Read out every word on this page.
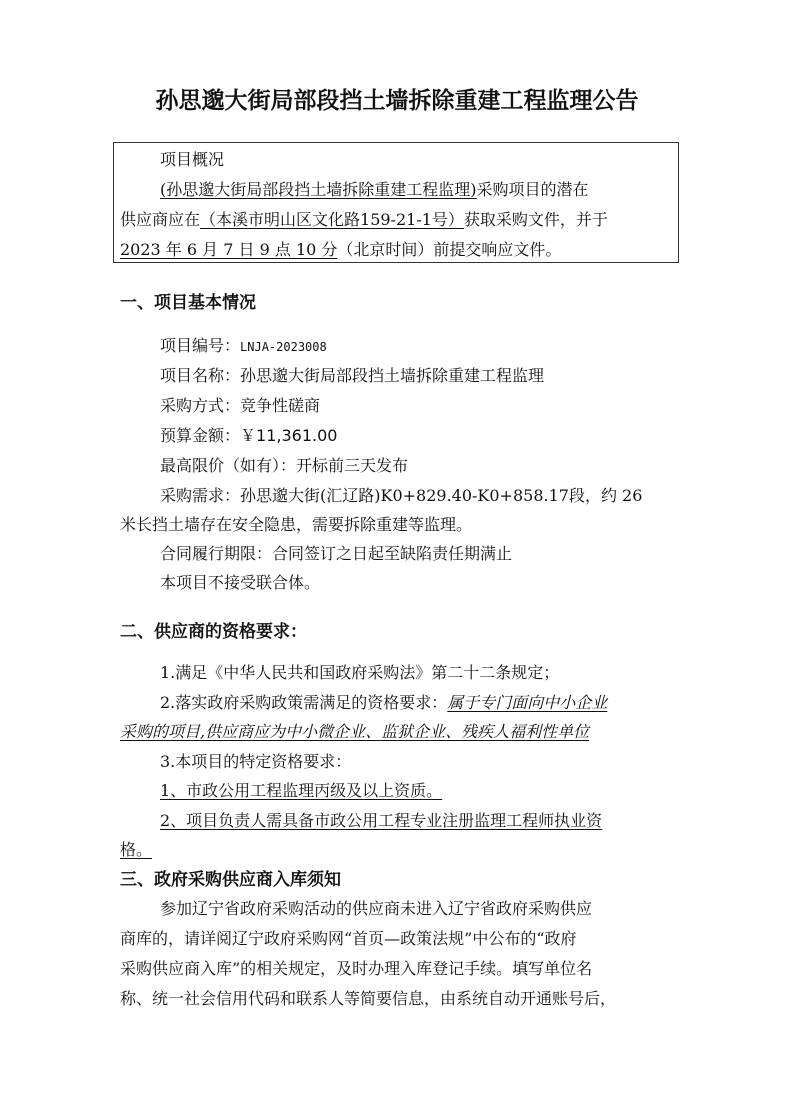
孙思邈大街局部段挡土墙拆除重建工程监理公告
项目概况
(孙思邈大街局部段挡土墙拆除重建工程监理)采购项目的潜在
供应商应在（本溪市明山区文化路159-21-1号）获取采购文件，并于
2023 年 6 月 7 日 9 点 10 分（北京时间）前提交响应文件。
一、项目基本情况
项目编号：LNJA-2023008
项目名称：孙思邈大街局部段挡土墙拆除重建工程监理
采购方式：竞争性磋商
预算金额：￥11,361.00
最高限价（如有）：开标前三天发布
采购需求：孙思邈大街(汇辽路)K0+829.40-K0+858.17段，约 26
米长挡土墙存在安全隐患，需要拆除重建等监理。
合同履行期限：合同签订之日起至缺陷责任期满止
本项目不接受联合体。
二、供应商的资格要求：
1.满足《中华人民共和国政府采购法》第二十二条规定；
2.落实政府采购政策需满足的资格要求：属于专门面向中小企业
采购的项目,供应商应为中小微企业、监狱企业、残疾人福利性单位
3.本项目的特定资格要求：
1、市政公用工程监理丙级及以上资质。
2、项目负责人需具备市政公用工程专业注册监理工程师执业资
格。
三、政府采购供应商入库须知
参加辽宁省政府采购活动的供应商未进入辽宁省政府采购供应
商库的，请详阅辽宁政府采购网“首页—政策法规”中公布的“政府
采购供应商入库”的相关规定，及时办理入库登记手续。填写单位名
称、统一社会信用代码和联系人等简要信息，由系统自动开通账号后，
